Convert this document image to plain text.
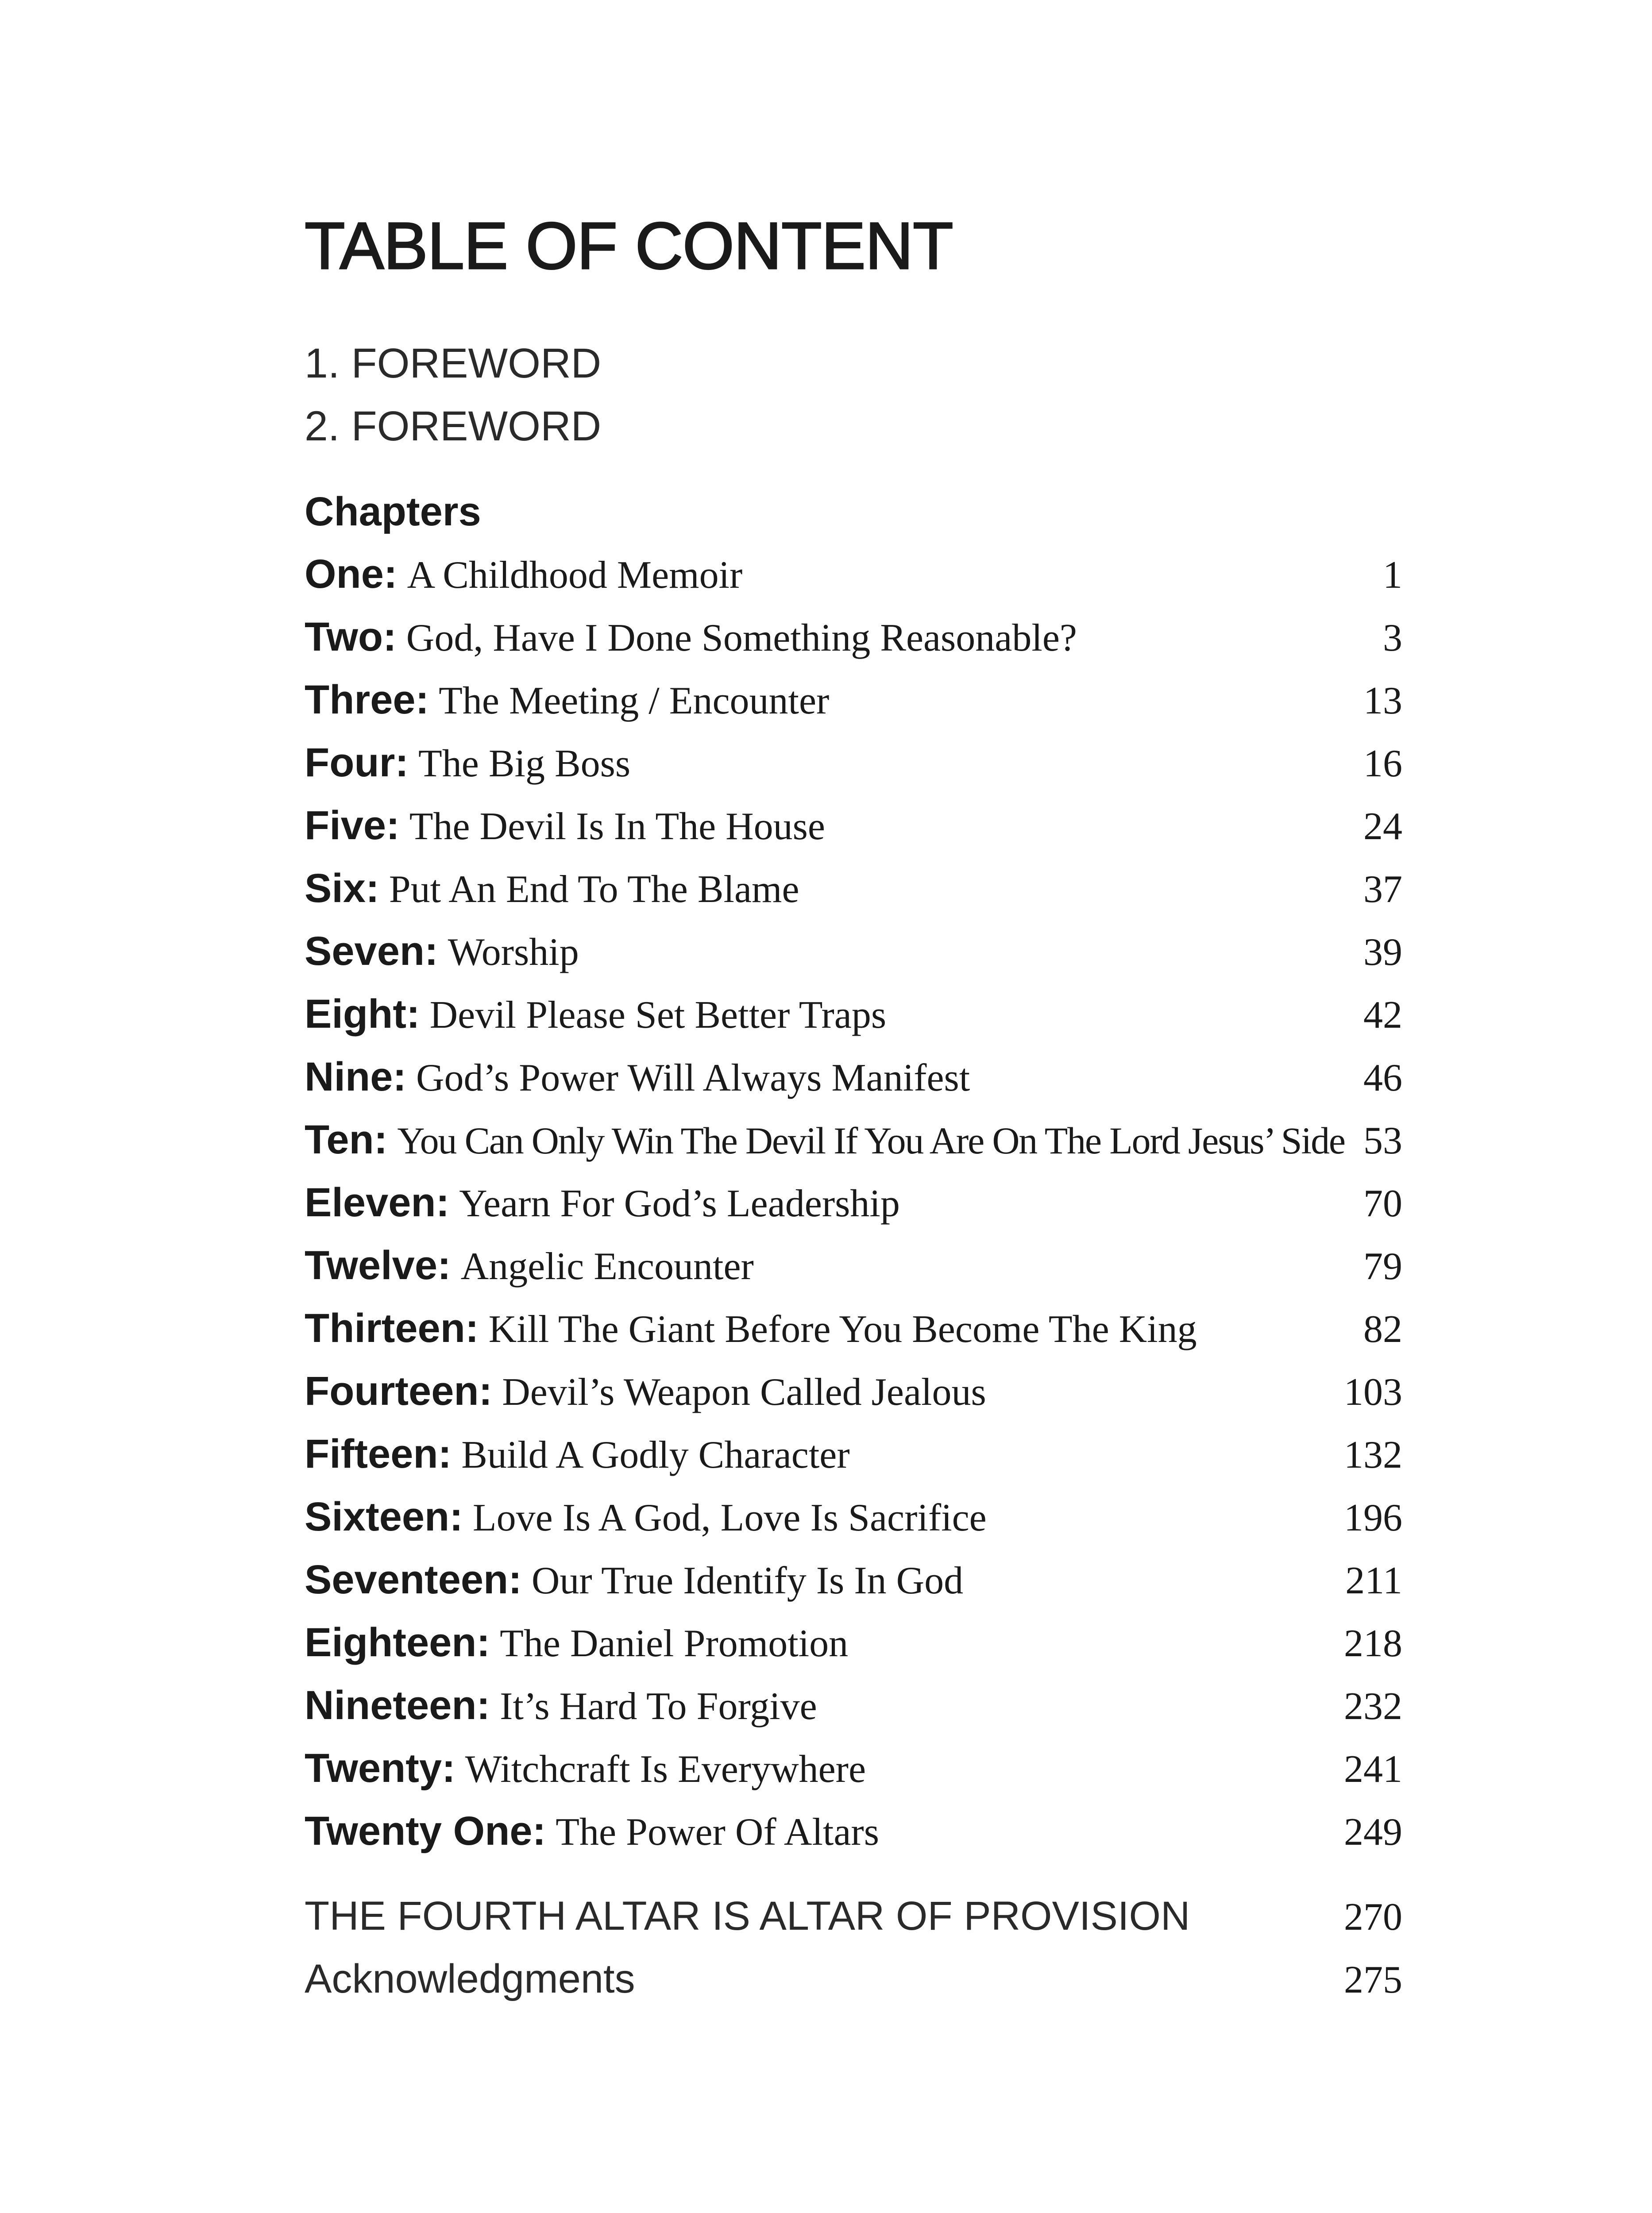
TABLE OF CONTENT
1. FOREWORD
2. FOREWORD
Chapters
One: A Childhood Memoir	1
Two: God, Have I Done Something Reasonable?	3
Three: The Meeting / Encounter	13
Four: The Big Boss	16
Five: The Devil Is In The House	24
Six: Put An End To The Blame	37
Seven: Worship	39
Eight: Devil Please Set Better Traps	42
Nine: God’s Power Will Always Manifest	46
Ten: You Can Only Win The Devil If You Are On The Lord Jesus’ Side 53
Eleven: Yearn For God’s Leadership	70
Twelve: Angelic Encounter	79
Thirteen: Kill The Giant Before You Become The King	82
Fourteen: Devil’s Weapon Called Jealous	103
Fifteen: Build A Godly Character	132
Sixteen: Love Is A God, Love Is Sacrifice	196
Seventeen: Our True Identify Is In God	211
Eighteen: The Daniel Promotion	218
Nineteen: It’s Hard To Forgive	232
Twenty: Witchcraft Is Everywhere	241
Twenty One: The Power Of Altars	249
THE FOURTH ALTAR IS ALTAR OF PROVISION	270
Acknowledgments	275
